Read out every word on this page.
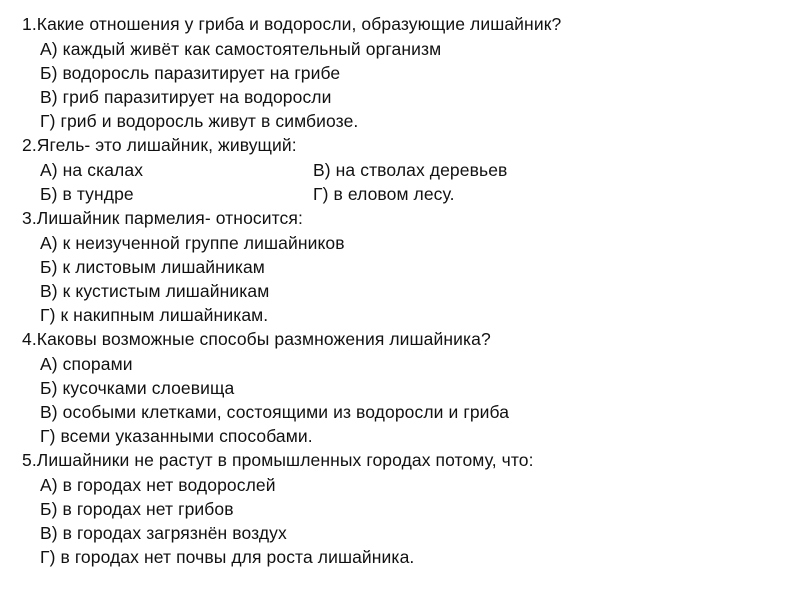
1.Какие отношения у гриба и водоросли, образующие лишайник?
А) каждый живёт как самостоятельный организм
Б) водоросль паразитирует на грибе
В) гриб паразитирует на водоросли
Г) гриб и водоросль живут в симбиозе.
2.Ягель- это лишайник, живущий:
А) на скалах	В) на стволах деревьев
Б) в тундре	Г) в еловом лесу.
3.Лишайник пармелия- относится:
А) к неизученной группе лишайников
Б) к листовым лишайникам
В) к кустистым лишайникам
Г) к накипным лишайникам.
4.Каковы возможные способы размножения лишайника?
А) спорами
Б) кусочками слоевища
В) особыми клетками, состоящими из водоросли и гриба
Г) всеми указанными способами.
5.Лишайники не растут в промышленных городах потому, что:
А) в городах нет водорослей
Б) в городах нет грибов
В) в городах загрязнён воздух
Г) в городах нет почвы для роста лишайника.
